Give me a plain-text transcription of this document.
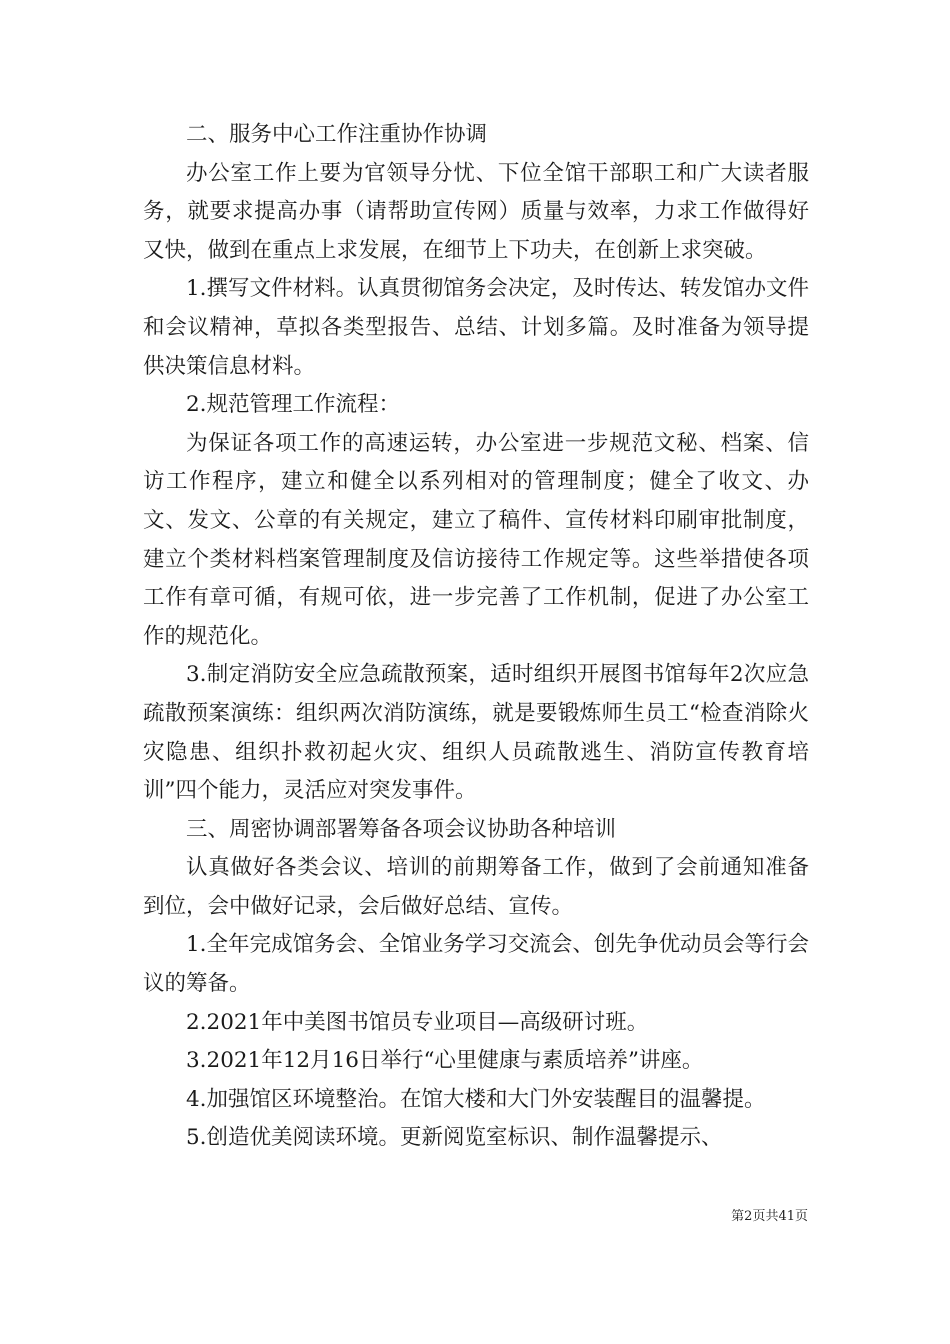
二、服务中心工作注重协作协调

办公室工作上要为官领导分忧、下位全馆干部职工和广大读者服务，就要求提高办事（请帮助宣传网）质量与效率，力求工作做得好又快，做到在重点上求发展，在细节上下功夫，在创新上求突破。

1.撰写文件材料。认真贯彻馆务会决定，及时传达、转发馆办文件和会议精神，草拟各类型报告、总结、计划多篇。及时准备为领导提供决策信息材料。

2.规范管理工作流程：

为保证各项工作的高速运转，办公室进一步规范文秘、档案、信访工作程序，建立和健全以系列相对的管理制度；健全了收文、办文、发文、公章的有关规定，建立了稿件、宣传材料印刷审批制度，建立个类材料档案管理制度及信访接待工作规定等。这些举措使各项工作有章可循，有规可依，进一步完善了工作机制，促进了办公室工作的规范化。

3.制定消防安全应急疏散预案，适时组织开展图书馆每年2次应急疏散预案演练：组织两次消防演练，就是要锻炼师生员工“检查消除火灾隐患、组织扑救初起火灾、组织人员疏散逃生、消防宣传教育培训”四个能力，灵活应对突发事件。

三、周密协调部署筹备各项会议协助各种培训

认真做好各类会议、培训的前期筹备工作，做到了会前通知准备到位，会中做好记录，会后做好总结、宣传。

1.全年完成馆务会、全馆业务学习交流会、创先争优动员会等行会议的筹备。

2.2021年中美图书馆员专业项目—高级研讨班。

3.2021年12月16日举行“心里健康与素质培养”讲座。

4.加强馆区环境整治。在馆大楼和大门外安装醒目的温馨提。

5.创造优美阅读环境。更新阅览室标识、制作温馨提示、

第2页共41页
